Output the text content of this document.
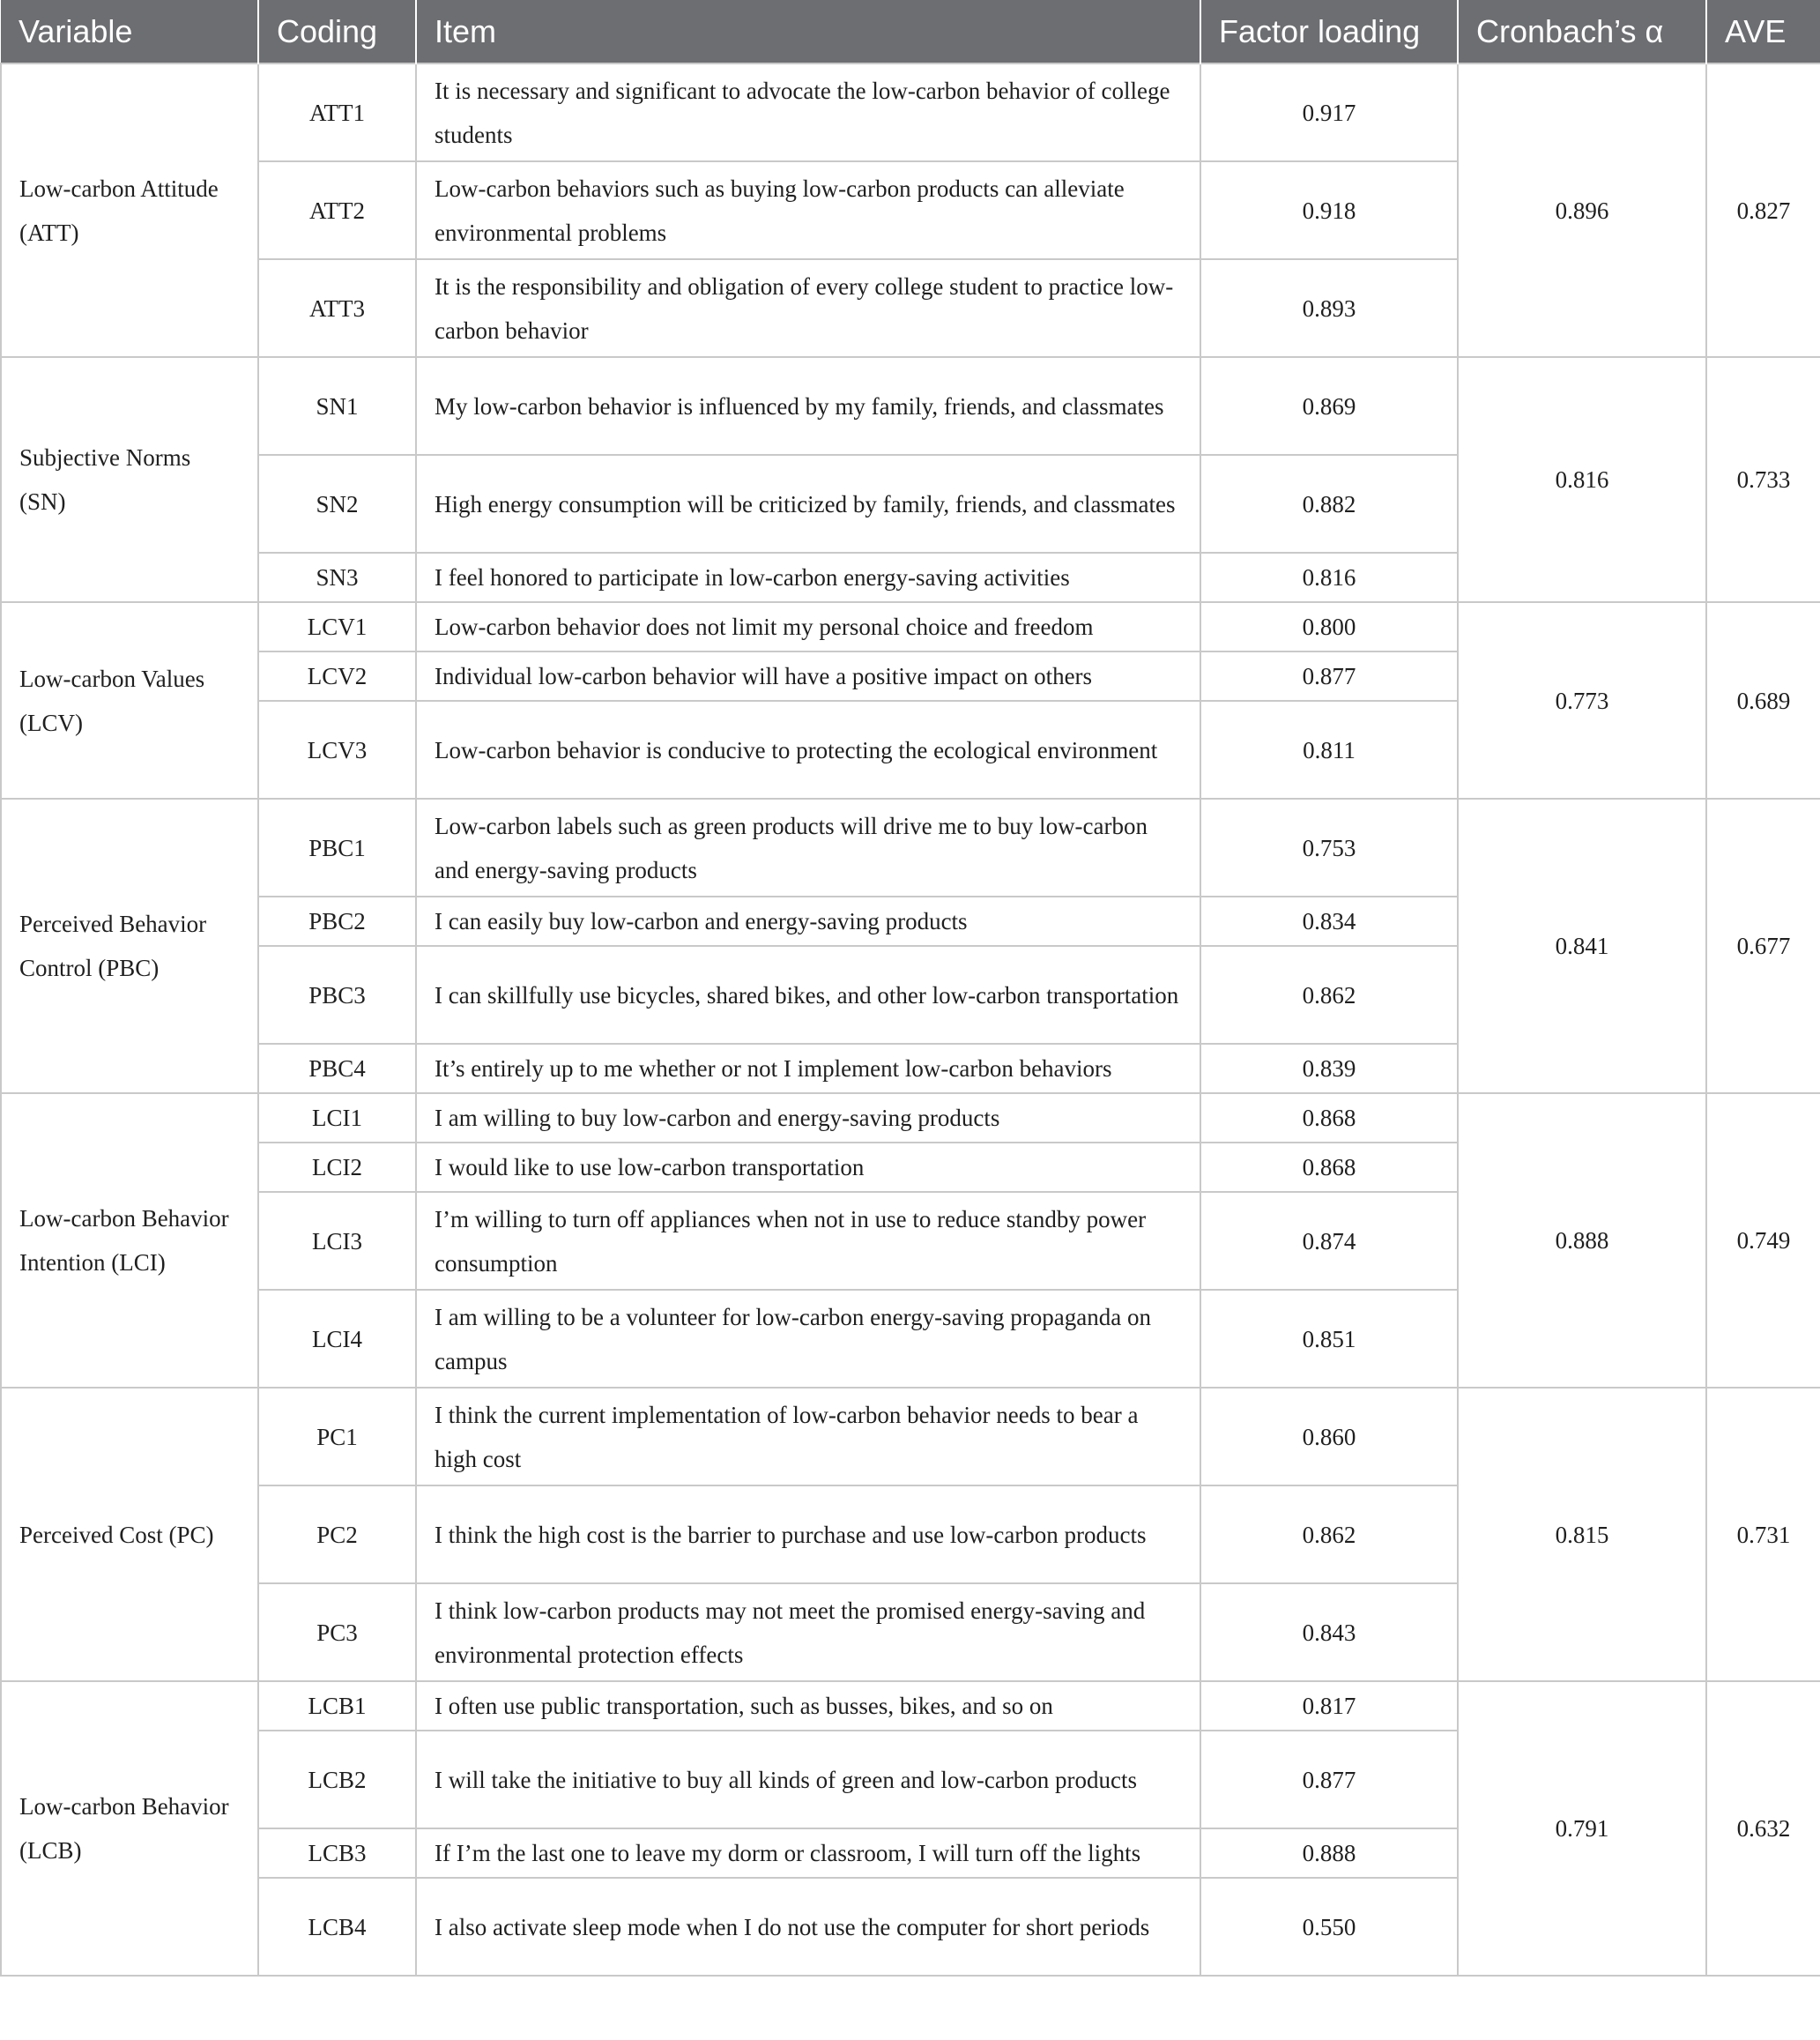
Variable	Coding	Item	Factor loading	Cronbach’s α	AVE
Low-carbon Attitude (ATT)	ATT1	It is necessary and significant to advocate the low-carbon behavior of college students	0.917	0.896	0.827
	ATT2	Low-carbon behaviors such as buying low-carbon products can alleviate environmental problems	0.918		
	ATT3	It is the responsibility and obligation of every college student to practice low-carbon behavior	0.893		
Subjective Norms (SN)	SN1	My low-carbon behavior is influenced by my family, friends, and classmates	0.869	0.816	0.733
	SN2	High energy consumption will be criticized by family, friends, and classmates	0.882		
	SN3	I feel honored to participate in low-carbon energy-saving activities	0.816		
Low-carbon Values (LCV)	LCV1	Low-carbon behavior does not limit my personal choice and freedom	0.800	0.773	0.689
	LCV2	Individual low-carbon behavior will have a positive impact on others	0.877		
	LCV3	Low-carbon behavior is conducive to protecting the ecological environment	0.811		
Perceived Behavior Control (PBC)	PBC1	Low-carbon labels such as green products will drive me to buy low-carbon and energy-saving products	0.753	0.841	0.677
	PBC2	I can easily buy low-carbon and energy-saving products	0.834		
	PBC3	I can skillfully use bicycles, shared bikes, and other low-carbon transportation	0.862		
	PBC4	It’s entirely up to me whether or not I implement low-carbon behaviors	0.839		
Low-carbon Behavior Intention (LCI)	LCI1	I am willing to buy low-carbon and energy-saving products	0.868	0.888	0.749
	LCI2	I would like to use low-carbon transportation	0.868		
	LCI3	I’m willing to turn off appliances when not in use to reduce standby power consumption	0.874		
	LCI4	I am willing to be a volunteer for low-carbon energy-saving propaganda on campus	0.851		
Perceived Cost (PC)	PC1	I think the current implementation of low-carbon behavior needs to bear a high cost	0.860	0.815	0.731
	PC2	I think the high cost is the barrier to purchase and use low-carbon products	0.862		
	PC3	I think low-carbon products may not meet the promised energy-saving and environmental protection effects	0.843		
Low-carbon Behavior (LCB)	LCB1	I often use public transportation, such as busses, bikes, and so on	0.817	0.791	0.632
	LCB2	I will take the initiative to buy all kinds of green and low-carbon products	0.877		
	LCB3	If I’m the last one to leave my dorm or classroom, I will turn off the lights	0.888		
	LCB4	I also activate sleep mode when I do not use the computer for short periods	0.550		
